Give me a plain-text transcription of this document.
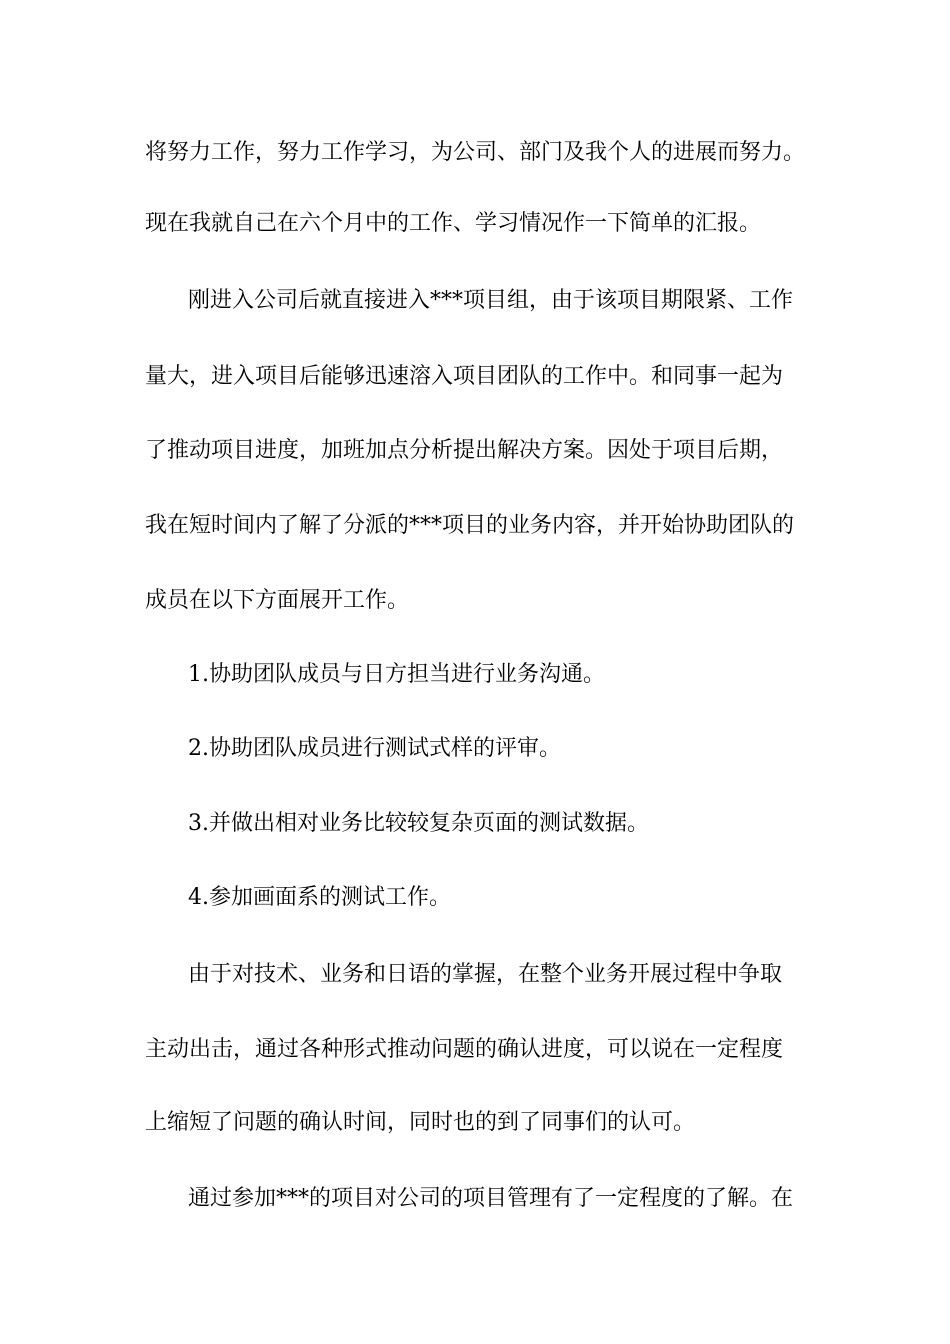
将努力工作，努力工作学习，为公司、部门及我个人的进展而努力。

现在我就自己在六个月中的工作、学习情况作一下简单的汇报。

刚进入公司后就直接进入***项目组，由于该项目期限紧、工作

量大，进入项目后能够迅速溶入项目团队的工作中。和同事一起为

了推动项目进度，加班加点分析提出解决方案。因处于项目后期，

我在短时间内了解了分派的***项目的业务内容，并开始协助团队的

成员在以下方面展开工作。

1.协助团队成员与日方担当进行业务沟通。

2.协助团队成员进行测试式样的评审。

3.并做出相对业务比较较复杂页面的测试数据。

4.参加画面系的测试工作。

由于对技术、业务和日语的掌握，在整个业务开展过程中争取

主动出击，通过各种形式推动问题的确认进度，可以说在一定程度

上缩短了问题的确认时间，同时也的到了同事们的认可。

通过参加***的项目对公司的项目管理有了一定程度的了解。在
